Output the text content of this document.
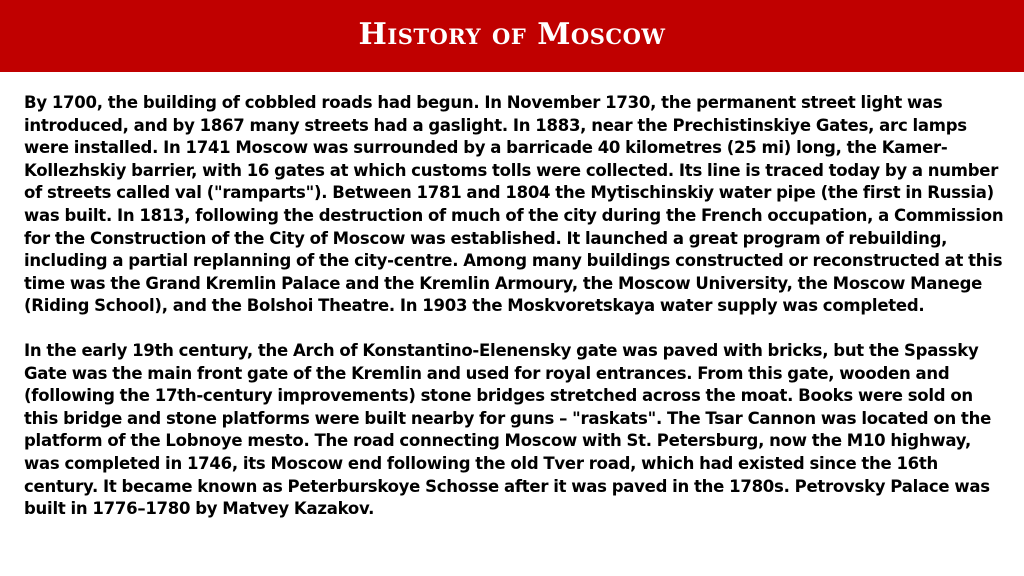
History of Moscow

By 1700, the building of cobbled roads had begun. In November 1730, the permanent street light was introduced, and by 1867 many streets had a gaslight. In 1883, near the Prechistinskiye Gates, arc lamps were installed. In 1741 Moscow was surrounded by a barricade 40 kilometres (25 mi) long, the Kamer-Kollezhskiy barrier, with 16 gates at which customs tolls were collected. Its line is traced today by a number of streets called val ("ramparts"). Between 1781 and 1804 the Mytischinskiy water pipe (the first in Russia) was built. In 1813, following the destruction of much of the city during the French occupation, a Commission for the Construction of the City of Moscow was established. It launched a great program of rebuilding, including a partial replanning of the city-centre. Among many buildings constructed or reconstructed at this time was the Grand Kremlin Palace and the Kremlin Armoury, the Moscow University, the Moscow Manege (Riding School), and the Bolshoi Theatre. In 1903 the Moskvoretskaya water supply was completed.

In the early 19th century, the Arch of Konstantino-Elenensky gate was paved with bricks, but the Spassky Gate was the main front gate of the Kremlin and used for royal entrances. From this gate, wooden and (following the 17th-century improvements) stone bridges stretched across the moat. Books were sold on this bridge and stone platforms were built nearby for guns – "raskats". The Tsar Cannon was located on the platform of the Lobnoye mesto. The road connecting Moscow with St. Petersburg, now the M10 highway, was completed in 1746, its Moscow end following the old Tver road, which had existed since the 16th century. It became known as Peterburskoye Schosse after it was paved in the 1780s. Petrovsky Palace was built in 1776–1780 by Matvey Kazakov.
